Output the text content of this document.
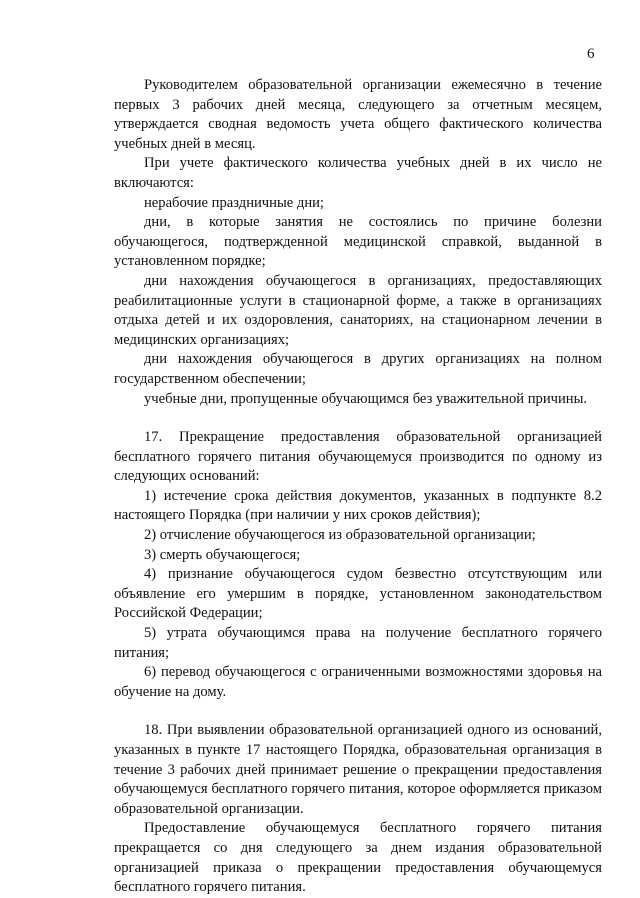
6

Руководителем образовательной организации ежемесячно в течение первых 3 рабочих дней месяца, следующего за отчетным месяцем, утверждается сводная ведомость учета общего фактического количества учебных дней в месяц.

При учете фактического количества учебных дней в их число не включаются:

нерабочие праздничные дни;

дни, в которые занятия не состоялись по причине болезни обучающегося, подтвержденной медицинской справкой, выданной в установленном порядке;

дни нахождения обучающегося в организациях, предоставляющих реабилитационные услуги в стационарной форме, а также в организациях отдыха детей и их оздоровления, санаториях, на стационарном лечении в медицинских организациях;

дни нахождения обучающегося в других организациях на полном государственном обеспечении;

учебные дни, пропущенные обучающимся без уважительной причины.

17. Прекращение предоставления образовательной организацией бесплатного горячего питания обучающемуся производится по одному из следующих оснований:

1) истечение срока действия документов, указанных в подпункте 8.2 настоящего Порядка (при наличии у них сроков действия);

2) отчисление обучающегося из образовательной организации;

3) смерть обучающегося;

4) признание обучающегося судом безвестно отсутствующим или объявление его умершим в порядке, установленном законодательством Российской Федерации;

5) утрата обучающимся права на получение бесплатного горячего питания;

6) перевод обучающегося с ограниченными возможностями здоровья на обучение на дому.

18. При выявлении образовательной организацией одного из оснований, указанных в пункте 17 настоящего Порядка, образовательная организация в течение 3 рабочих дней принимает решение о прекращении предоставления обучающемуся бесплатного горячего питания, которое оформляется приказом образовательной организации.

Предоставление обучающемуся бесплатного горячего питания прекращается со дня следующего за днем издания образовательной организацией приказа о прекращении предоставления обучающемуся бесплатного горячего питания.
